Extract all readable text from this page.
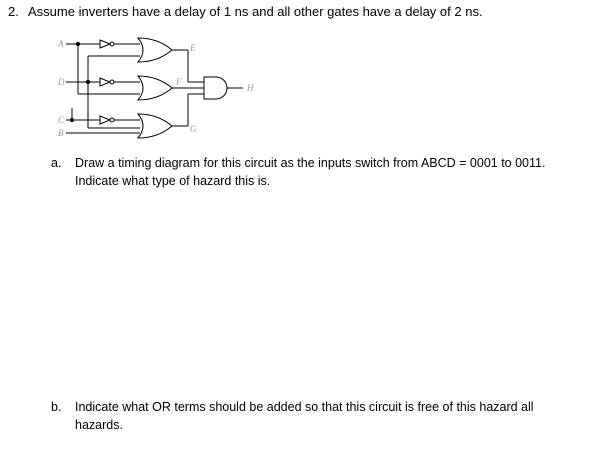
2. Assume inverters have a delay of 1 ns and all other gates have a delay of 2 ns.
A
D
C
B
E
F
G
H
a. Draw a timing diagram for this circuit as the inputs switch from ABCD = 0001 to 0011.
Indicate what type of hazard this is.
b. Indicate what OR terms should be added so that this circuit is free of this hazard all
hazards.
